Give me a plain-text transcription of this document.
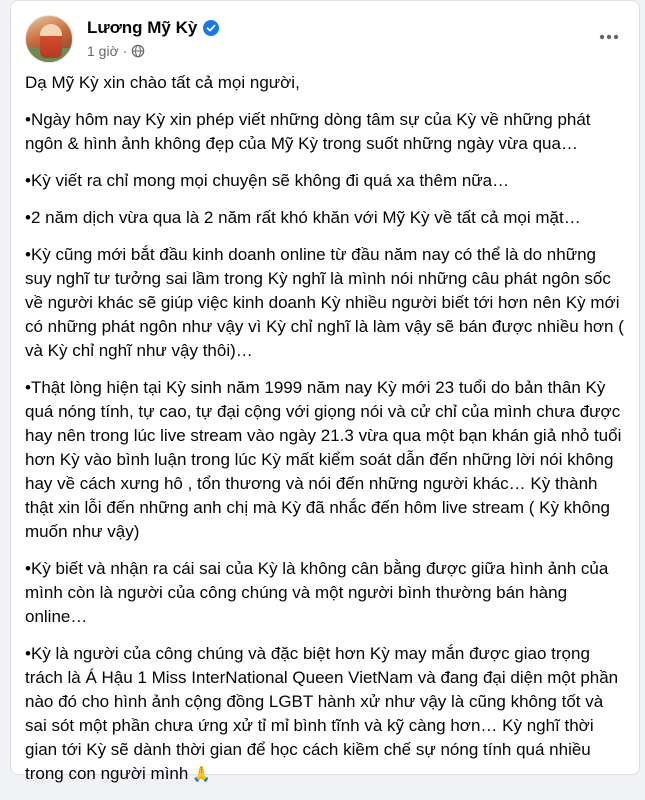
Lương Mỹ Kỳ
1 giờ ·

Dạ Mỹ Kỳ xin chào tất cả mọi người,

•Ngày hôm nay Kỳ xin phép viết những dòng tâm sự của Kỳ về những phát ngôn & hình ảnh không đẹp của Mỹ Kỳ trong suốt những ngày vừa qua…

•Kỳ viết ra chỉ mong mọi chuyện sẽ không đi quá xa thêm nữa…

•2 năm dịch vừa qua là 2 năm rất khó khăn với Mỹ Kỳ về tất cả mọi mặt…

•Kỳ cũng mới bắt đầu kinh doanh online từ đầu năm nay có thể là do những suy nghĩ tư tưởng sai lầm trong Kỳ nghĩ là mình nói những câu phát ngôn sốc về người khác sẽ giúp việc kinh doanh Kỳ nhiều người biết tới hơn nên Kỳ mới có những phát ngôn như vậy vì Kỳ chỉ nghĩ là làm vậy sẽ bán được nhiều hơn ( và Kỳ chỉ nghĩ như vậy thôi)…

•Thật lòng hiện tại Kỳ sinh năm 1999 năm nay Kỳ mới 23 tuổi do bản thân Kỳ quá nóng tính, tự cao, tự đại cộng với giọng nói và cử chỉ của mình chưa được hay nên trong lúc live stream vào ngày 21.3 vừa qua một bạn khán giả nhỏ tuổi hơn Kỳ vào bình luận trong lúc Kỳ mất kiểm soát dẫn đến những lời nói không hay về cách xưng hô , tổn thương và nói đến những người khác… Kỳ thành thật xin lỗi đến những anh chị mà Kỳ đã nhắc đến hôm live stream ( Kỳ không muốn như vậy)

•Kỳ biết và nhận ra cái sai của Kỳ là không cân bằng được giữa hình ảnh của mình còn là người của công chúng và một người bình thường bán hàng online…

•Kỳ là người của công chúng và đặc biệt hơn Kỳ may mắn được giao trọng trách là Á Hậu 1 Miss InterNational Queen VietNam và đang đại diện một phần nào đó cho hình ảnh cộng đồng LGBT hành xử như vậy là cũng không tốt và sai sót một phần chưa ứng xử tỉ mỉ bình tĩnh và kỹ càng hơn… Kỳ nghĩ thời gian tới Kỳ sẽ dành thời gian để học cách kiềm chế sự nóng tính quá nhiều trong con người mình 🙏
